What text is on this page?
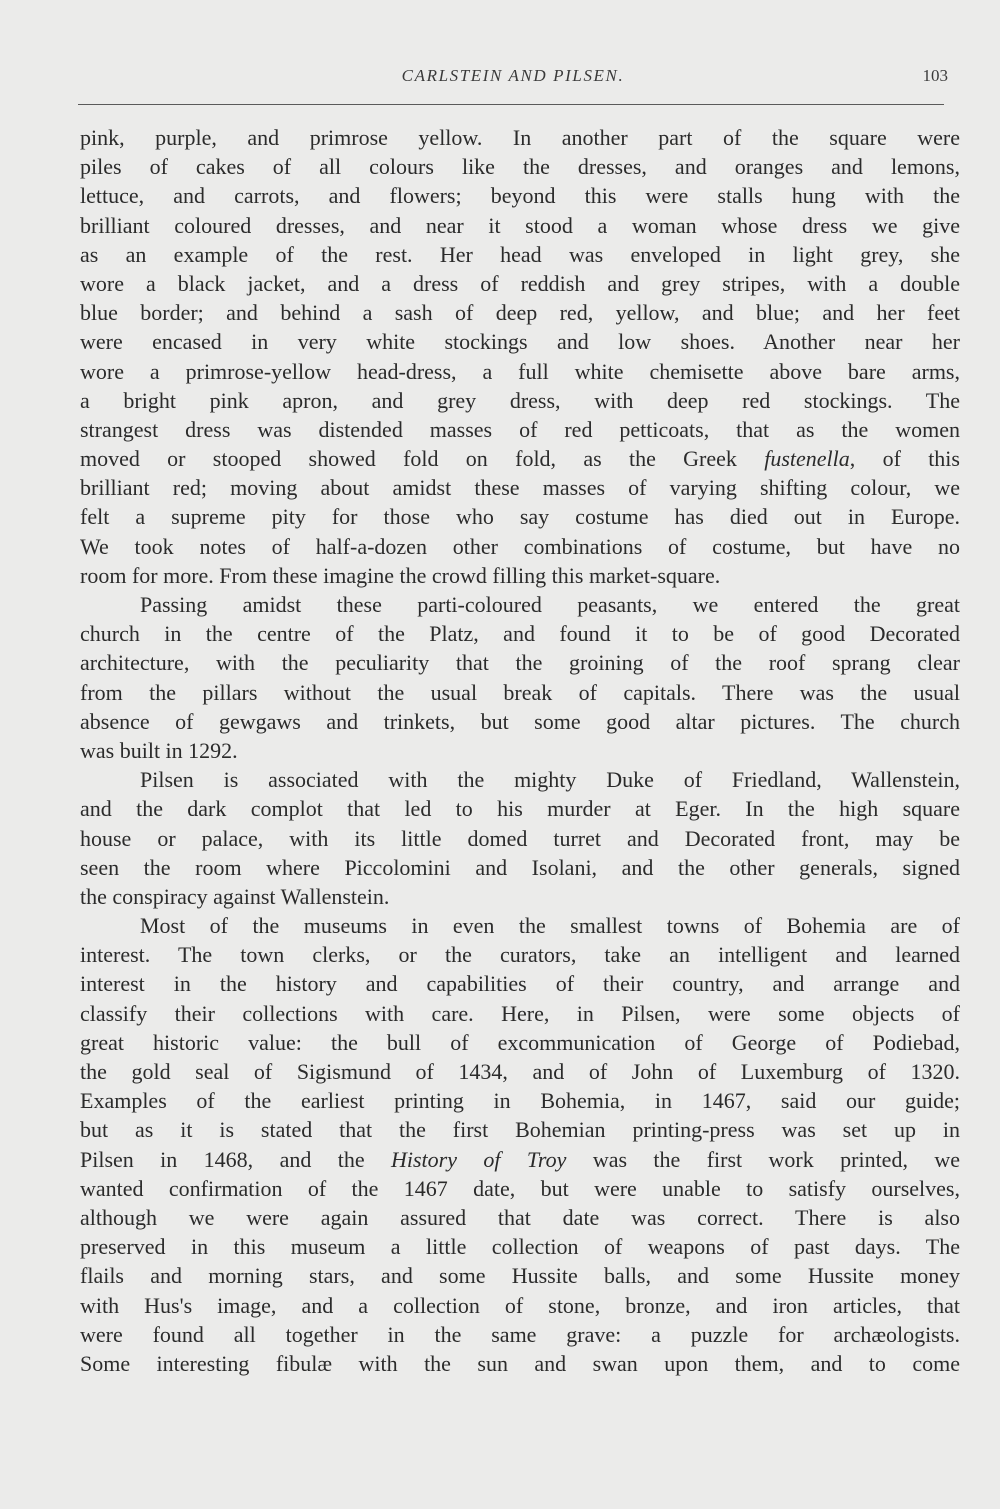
CARLSTEIN AND PILSEN.	103
pink, purple, and primrose yellow. In another part of the square were
piles of cakes of all colours like the dresses, and oranges and lemons,
lettuce, and carrots, and flowers; beyond this were stalls hung with the
brilliant coloured dresses, and near it stood a woman whose dress we give
as an example of the rest. Her head was enveloped in light grey, she
wore a black jacket, and a dress of reddish and grey stripes, with a double
blue border; and behind a sash of deep red, yellow, and blue; and her feet
were encased in very white stockings and low shoes. Another near her
wore a primrose-yellow head-dress, a full white chemisette above bare arms,
a bright pink apron, and grey dress, with deep red stockings. The
strangest dress was distended masses of red petticoats, that as the women
moved or stooped showed fold on fold, as the Greek fustenella, of this
brilliant red; moving about amidst these masses of varying shifting colour, we
felt a supreme pity for those who say costume has died out in Europe.
We took notes of half-a-dozen other combinations of costume, but have no
room for more. From these imagine the crowd filling this market-square.
Passing amidst these parti-coloured peasants, we entered the great
church in the centre of the Platz, and found it to be of good Decorated
architecture, with the peculiarity that the groining of the roof sprang clear
from the pillars without the usual break of capitals. There was the usual
absence of gewgaws and trinkets, but some good altar pictures. The church
was built in 1292.
Pilsen is associated with the mighty Duke of Friedland, Wallenstein,
and the dark complot that led to his murder at Eger. In the high square
house or palace, with its little domed turret and Decorated front, may be
seen the room where Piccolomini and Isolani, and the other generals, signed
the conspiracy against Wallenstein.
Most of the museums in even the smallest towns of Bohemia are of
interest. The town clerks, or the curators, take an intelligent and learned
interest in the history and capabilities of their country, and arrange and
classify their collections with care. Here, in Pilsen, were some objects of
great historic value: the bull of excommunication of George of Podiebad,
the gold seal of Sigismund of 1434, and of John of Luxemburg of 1320.
Examples of the earliest printing in Bohemia, in 1467, said our guide;
but as it is stated that the first Bohemian printing-press was set up in
Pilsen in 1468, and the History of Troy was the first work printed, we
wanted confirmation of the 1467 date, but were unable to satisfy ourselves,
although we were again assured that date was correct. There is also
preserved in this museum a little collection of weapons of past days. The
flails and morning stars, and some Hussite balls, and some Hussite money
with Hus's image, and a collection of stone, bronze, and iron articles, that
were found all together in the same grave: a puzzle for archæologists.
Some interesting fibulæ with the sun and swan upon them, and to come
